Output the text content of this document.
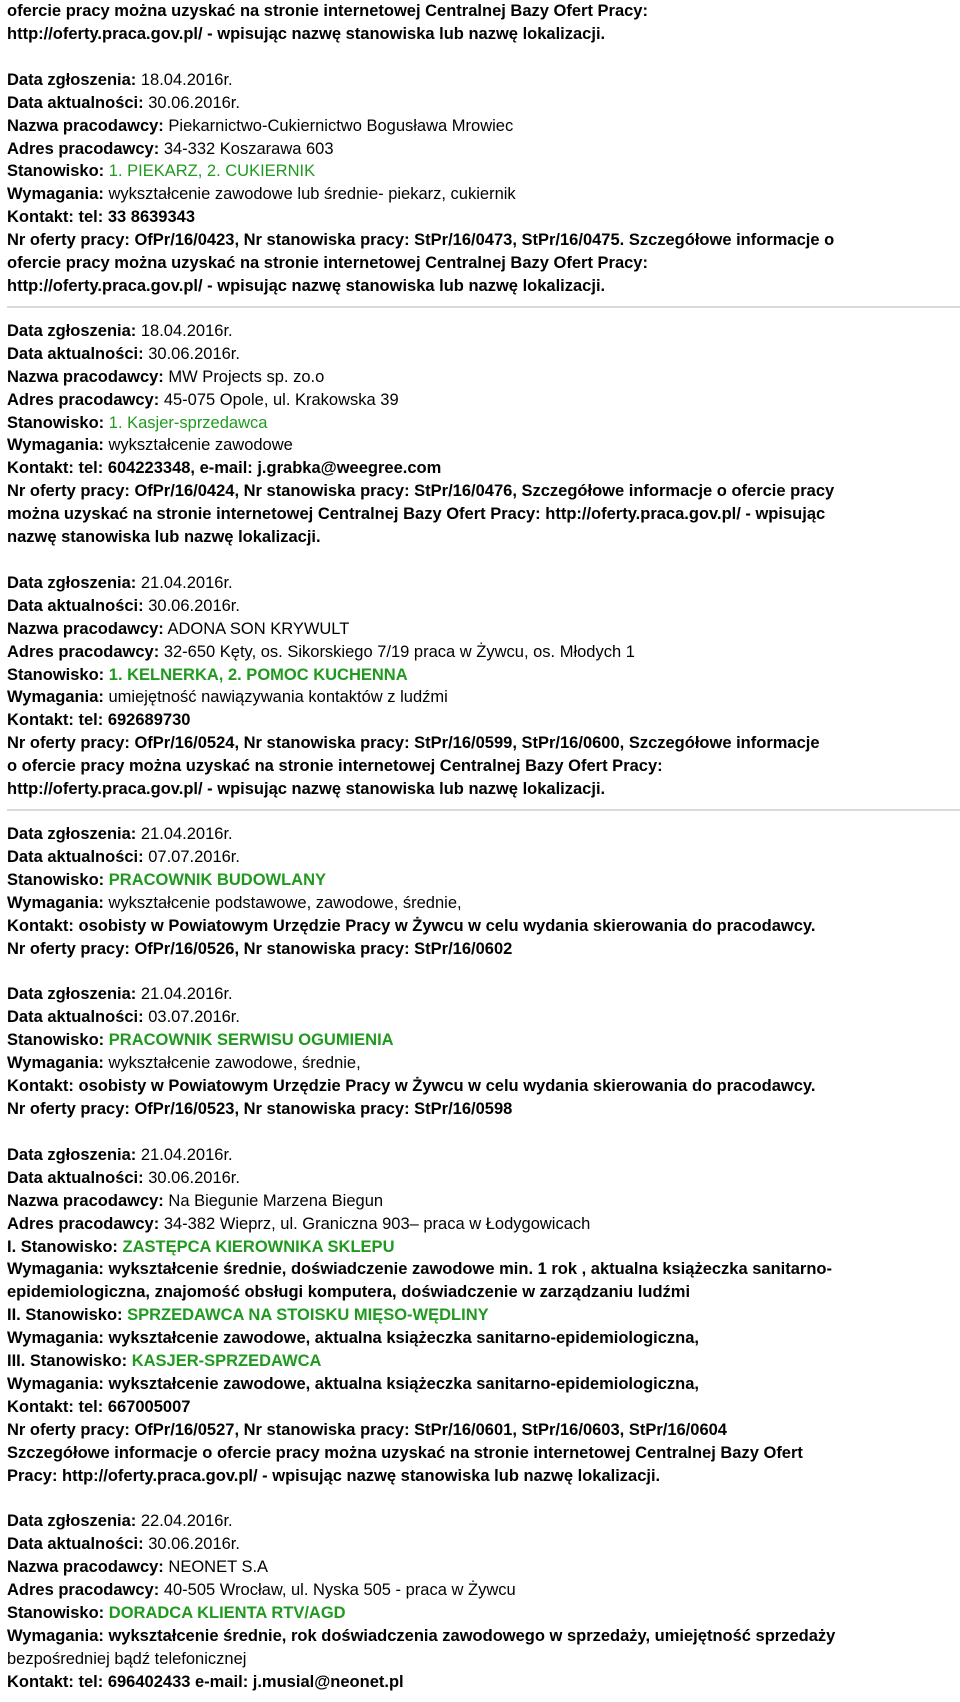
ofercie pracy można uzyskać na stronie internetowej Centralnej Bazy Ofert Pracy:
http://oferty.praca.gov.pl/ - wpisując nazwę stanowiska lub nazwę lokalizacji.
Data zgłoszenia: 18.04.2016r.
Data aktualności: 30.06.2016r.
Nazwa pracodawcy: Piekarnictwo-Cukiernictwo Bogusława Mrowiec
Adres pracodawcy: 34-332 Koszarawa 603
Stanowisko: 1. PIEKARZ, 2. CUKIERNIK
Wymagania: wykształcenie zawodowe lub średnie- piekarz, cukiernik
Kontakt: tel: 33 8639343
Nr oferty pracy: OfPr/16/0423, Nr stanowiska pracy: StPr/16/0473, StPr/16/0475. Szczegółowe informacje o
ofercie pracy można uzyskać na stronie internetowej Centralnej Bazy Ofert Pracy:
http://oferty.praca.gov.pl/ - wpisując nazwę stanowiska lub nazwę lokalizacji.
Data zgłoszenia: 18.04.2016r.
Data aktualności: 30.06.2016r.
Nazwa pracodawcy: MW Projects sp. zo.o
Adres pracodawcy: 45-075 Opole, ul. Krakowska 39
Stanowisko: 1. Kasjer-sprzedawca
Wymagania: wykształcenie zawodowe
Kontakt: tel: 604223348, e-mail: j.grabka@weegree.com
Nr oferty pracy: OfPr/16/0424, Nr stanowiska pracy: StPr/16/0476, Szczegółowe informacje o ofercie pracy
można uzyskać na stronie internetowej Centralnej Bazy Ofert Pracy: http://oferty.praca.gov.pl/ - wpisując
nazwę stanowiska lub nazwę lokalizacji.
Data zgłoszenia: 21.04.2016r.
Data aktualności: 30.06.2016r.
Nazwa pracodawcy: ADONA SON KRYWULT
Adres pracodawcy: 32-650 Kęty, os. Sikorskiego 7/19 praca w Żywcu, os. Młodych 1
Stanowisko: 1. KELNERKA, 2. POMOC KUCHENNA
Wymagania: umiejętność nawiązywania kontaktów z ludźmi
Kontakt: tel: 692689730
Nr oferty pracy: OfPr/16/0524, Nr stanowiska pracy: StPr/16/0599, StPr/16/0600, Szczegółowe informacje
o ofercie pracy można uzyskać na stronie internetowej Centralnej Bazy Ofert Pracy:
http://oferty.praca.gov.pl/ - wpisując nazwę stanowiska lub nazwę lokalizacji.
Data zgłoszenia: 21.04.2016r.
Data aktualności: 07.07.2016r.
Stanowisko: PRACOWNIK BUDOWLANY
Wymagania: wykształcenie podstawowe, zawodowe, średnie,
Kontakt: osobisty w Powiatowym Urzędzie Pracy w Żywcu w celu wydania skierowania do pracodawcy.
Nr oferty pracy: OfPr/16/0526, Nr stanowiska pracy: StPr/16/0602
Data zgłoszenia: 21.04.2016r.
Data aktualności: 03.07.2016r.
Stanowisko: PRACOWNIK SERWISU OGUMIENIA
Wymagania: wykształcenie zawodowe, średnie,
Kontakt: osobisty w Powiatowym Urzędzie Pracy w Żywcu w celu wydania skierowania do pracodawcy.
Nr oferty pracy: OfPr/16/0523, Nr stanowiska pracy: StPr/16/0598
Data zgłoszenia: 21.04.2016r.
Data aktualności: 30.06.2016r.
Nazwa pracodawcy: Na Biegunie Marzena Biegun
Adres pracodawcy: 34-382 Wieprz, ul. Graniczna 903– praca w Łodygowicach
I. Stanowisko: ZASTĘPCA KIEROWNIKA SKLEPU
Wymagania: wykształcenie średnie, doświadczenie zawodowe min. 1 rok , aktualna książeczka sanitarno-
epidemiologiczna, znajomość obsługi komputera, doświadczenie w zarządzaniu ludźmi
II. Stanowisko: SPRZEDAWCA NA STOISKU MIĘSO-WĘDLINY
Wymagania: wykształcenie zawodowe, aktualna książeczka sanitarno-epidemiologiczna,
III. Stanowisko: KASJER-SPRZEDAWCA
Wymagania: wykształcenie zawodowe, aktualna książeczka sanitarno-epidemiologiczna,
Kontakt: tel: 667005007
Nr oferty pracy: OfPr/16/0527, Nr stanowiska pracy: StPr/16/0601, StPr/16/0603, StPr/16/0604
Szczegółowe informacje o ofercie pracy można uzyskać na stronie internetowej Centralnej Bazy Ofert
Pracy: http://oferty.praca.gov.pl/ - wpisując nazwę stanowiska lub nazwę lokalizacji.
Data zgłoszenia: 22.04.2016r.
Data aktualności: 30.06.2016r.
Nazwa pracodawcy: NEONET S.A
Adres pracodawcy: 40-505 Wrocław, ul. Nyska 505 - praca w Żywcu
Stanowisko: DORADCA KLIENTA RTV/AGD
Wymagania: wykształcenie średnie, rok doświadczenia zawodowego w sprzedaży, umiejętność sprzedaży
bezpośredniej bądź telefonicznej
Kontakt: tel: 696402433 e-mail: j.musial@neonet.pl
